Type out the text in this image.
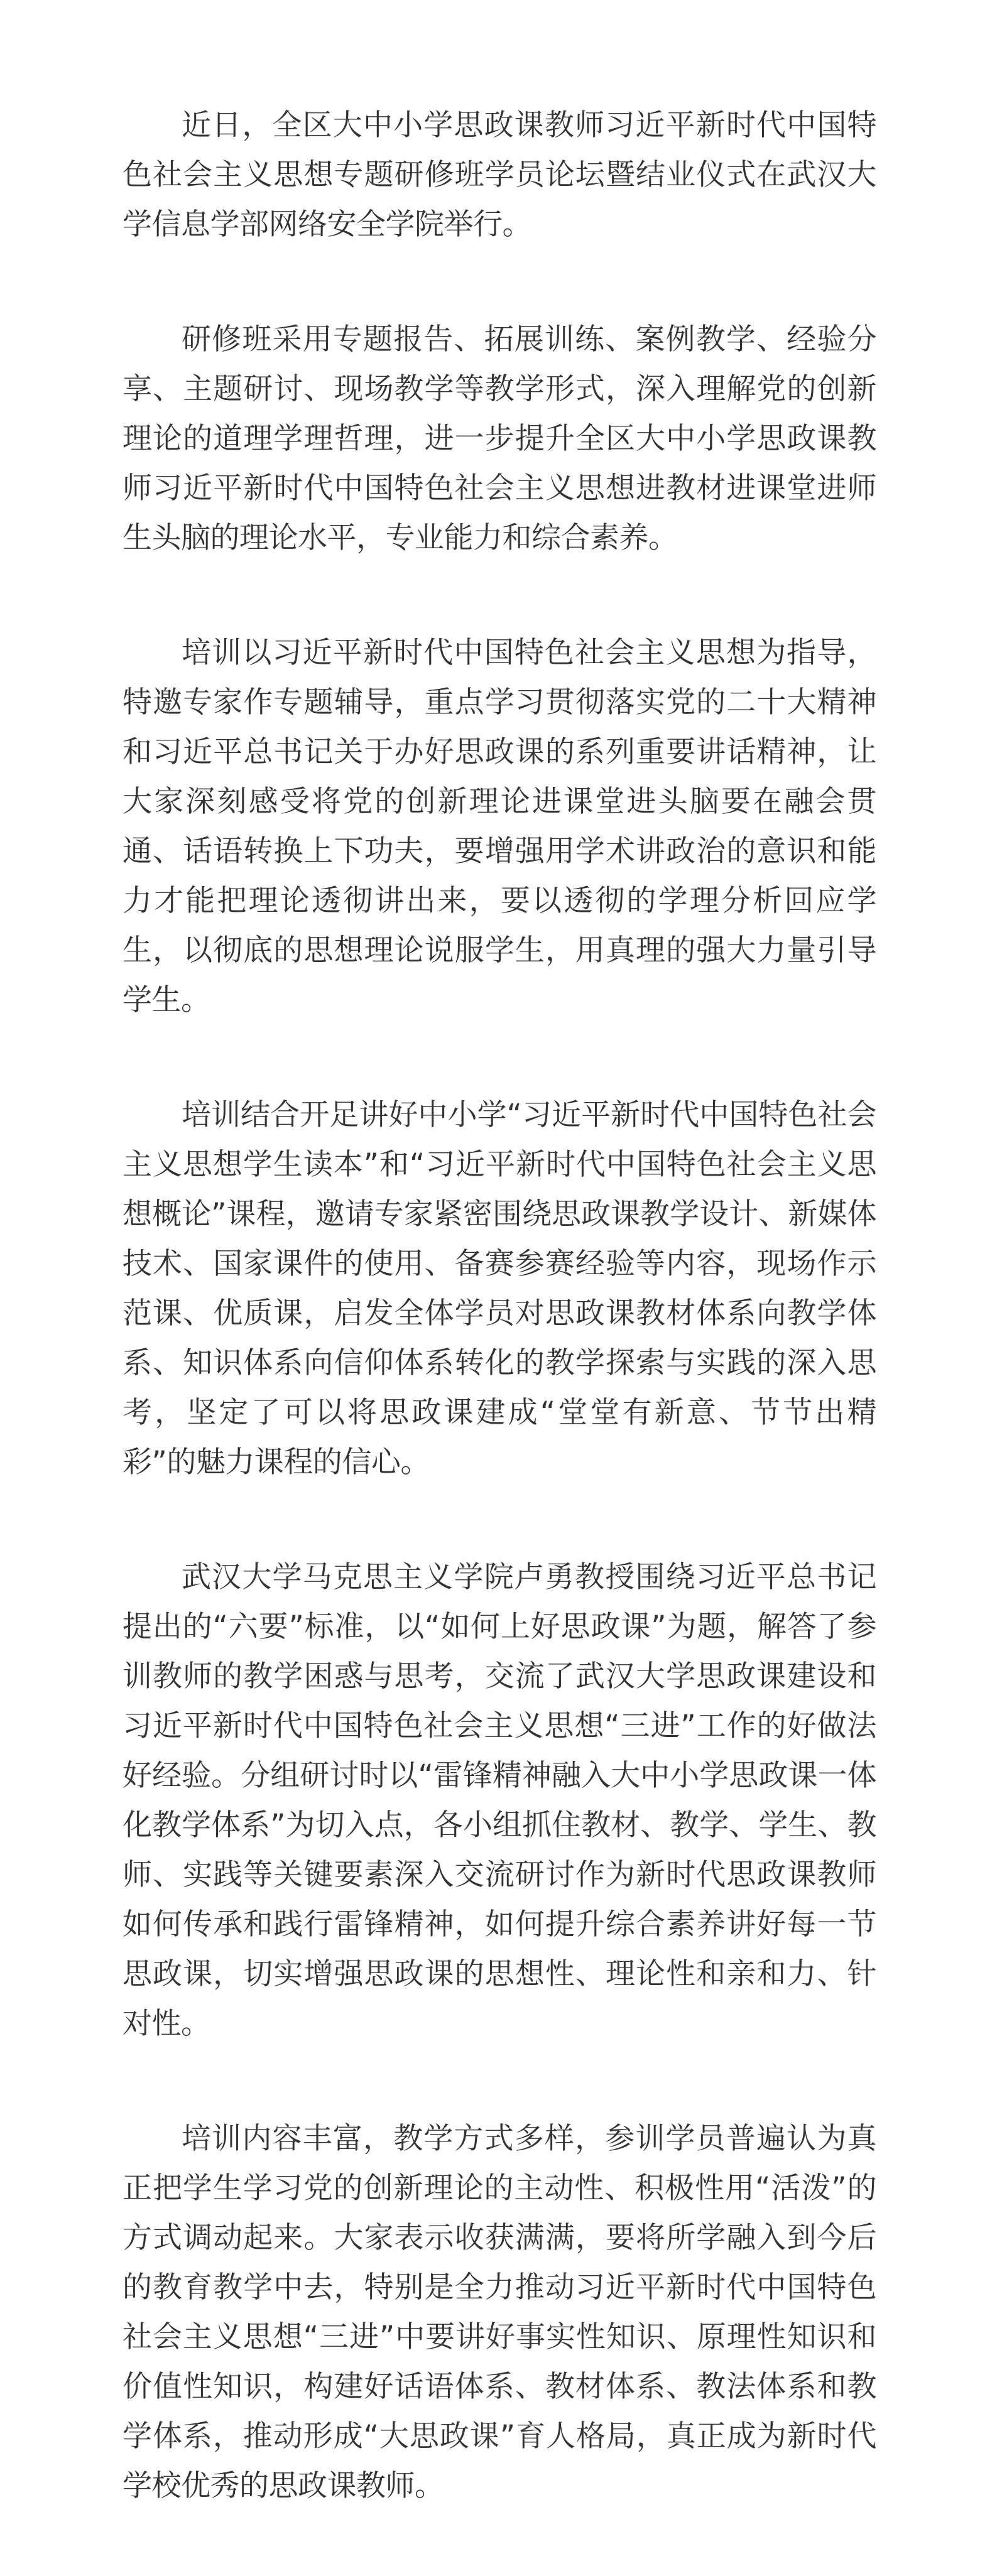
近日，全区大中小学思政课教师习近平新时代中国特色社会主义思想专题研修班学员论坛暨结业仪式在武汉大学信息学部网络安全学院举行。

研修班采用专题报告、拓展训练、案例教学、经验分享、主题研讨、现场教学等教学形式，深入理解党的创新理论的道理学理哲理，进一步提升全区大中小学思政课教师习近平新时代中国特色社会主义思想进教材进课堂进师生头脑的理论水平，专业能力和综合素养。

培训以习近平新时代中国特色社会主义思想为指导，特邀专家作专题辅导，重点学习贯彻落实党的二十大精神和习近平总书记关于办好思政课的系列重要讲话精神，让大家深刻感受将党的创新理论进课堂进头脑要在融会贯通、话语转换上下功夫，要增强用学术讲政治的意识和能力才能把理论透彻讲出来，要以透彻的学理分析回应学生，以彻底的思想理论说服学生，用真理的强大力量引导学生。

培训结合开足讲好中小学“习近平新时代中国特色社会主义思想学生读本”和“习近平新时代中国特色社会主义思想概论”课程，邀请专家紧密围绕思政课教学设计、新媒体技术、国家课件的使用、备赛参赛经验等内容，现场作示范课、优质课，启发全体学员对思政课教材体系向教学体系、知识体系向信仰体系转化的教学探索与实践的深入思考，坚定了可以将思政课建成“堂堂有新意、节节出精彩”的魅力课程的信心。

武汉大学马克思主义学院卢勇教授围绕习近平总书记提出的“六要”标准，以“如何上好思政课”为题，解答了参训教师的教学困惑与思考，交流了武汉大学思政课建设和习近平新时代中国特色社会主义思想“三进”工作的好做法好经验。分组研讨时以“雷锋精神融入大中小学思政课一体化教学体系”为切入点，各小组抓住教材、教学、学生、教师、实践等关键要素深入交流研讨作为新时代思政课教师如何传承和践行雷锋精神，如何提升综合素养讲好每一节思政课，切实增强思政课的思想性、理论性和亲和力、针对性。

培训内容丰富，教学方式多样，参训学员普遍认为真正把学生学习党的创新理论的主动性、积极性用“活泼”的方式调动起来。大家表示收获满满，要将所学融入到今后的教育教学中去，特别是全力推动习近平新时代中国特色社会主义思想“三进”中要讲好事实性知识、原理性知识和价值性知识，构建好话语体系、教材体系、教法体系和教学体系，推动形成“大思政课”育人格局，真正成为新时代学校优秀的思政课教师。
